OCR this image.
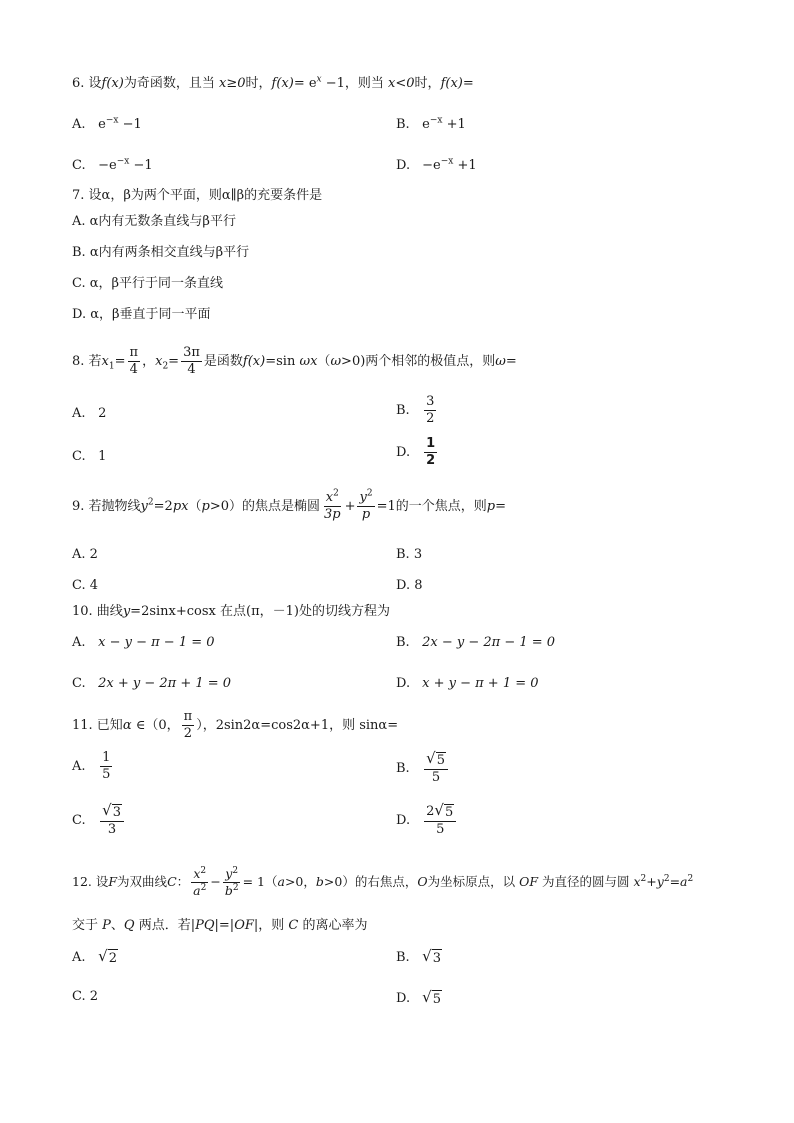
6. 设f(x)为奇函数，且当 x≥0时，$f(x)= e^x -1$，则当 x<0时，f(x)=
A. $e^{-x} -1$	B. $e^{-x} +1$
C. $-e^{-x} -1$	D. $-e^{-x} +1$
7. 设α，β为两个平面，则α∥β的充要条件是
A. α内有无数条直线与β平行
B. α内有两条相交直线与β平行
C. α，β平行于同一条直线
D. α，β垂直于同一平面
8. 若$x_1= \frac{\pi}{4}$ ，$x_2= \frac{3\pi}{4}$ 是函数f(x)=sin ωx（ω>0)两个相邻的极值点，则ω=
A. 2	B. $\frac{3}{2}$
C. 1	D. $\frac{1}{2}$
9. 若抛物线$y^2=2px(p>0)$的焦点是椭圆 $\frac{x^2}{3p} + \frac{y^2}{p} =1$的一个焦点，则p=
A. 2	B. 3
C. 4	D. 8
10. 曲线y=2sinx+cosx 在点(π，－1)处的切线方程为
A. x − y − π − 1 = 0	B. 2x − y − 2π − 1 = 0
C. 2x + y − 2π + 1 = 0	D. x + y − π + 1 = 0
11. 已知α ∈（0， $\frac{\pi}{2}$ ），2sin2α=cos2α+1，则 sinα=
A. $\frac{1}{5}$	B. $\frac{√ 5}{5}$
C. $\frac{√ 3}{3}$	D. $\frac{2 √ 5}{5}$
12. 设F为双曲线C： $\frac{x^2}{a^2} - \frac{y^2}{b^2} = 1(a>0$，b>0）的右焦点，O为坐标原点，以 OF 为直径的圆与圆 $x^2+y^2=a^2$
交于 P、Q 两点．若|PQ|=|OF|，则 C 的离心率为
A. √ 2	B. √ 3
C. 2	D. √ 5
